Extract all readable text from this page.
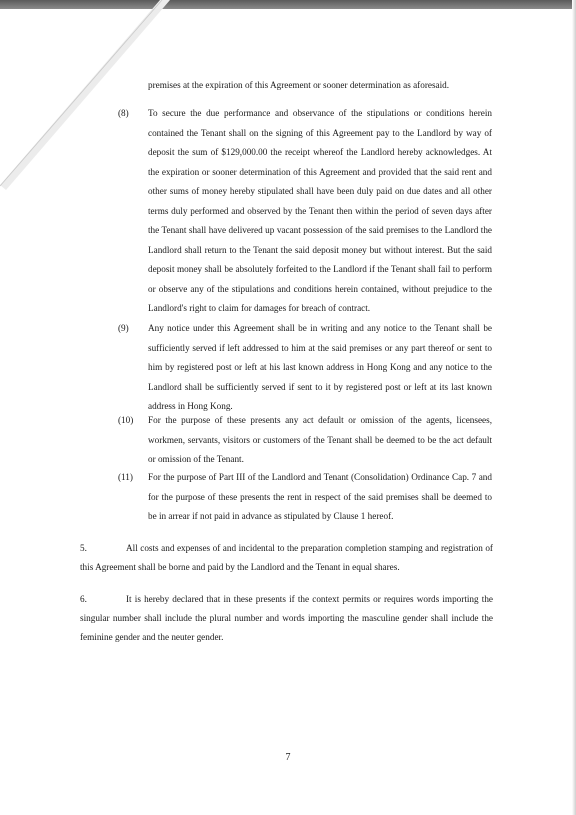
premises at the expiration of this Agreement or sooner determination as aforesaid.
(8) To secure the due performance and observance of the stipulations or conditions herein contained the Tenant shall on the signing of this Agreement pay to the Landlord by way of deposit the sum of $129,000.00 the receipt whereof the Landlord hereby acknowledges. At the expiration or sooner determination of this Agreement and provided that the said rent and other sums of money hereby stipulated shall have been duly paid on due dates and all other terms duly performed and observed by the Tenant then within the period of seven days after the Tenant shall have delivered up vacant possession of the said premises to the Landlord the Landlord shall return to the Tenant the said deposit money but without interest. But the said deposit money shall be absolutely forfeited to the Landlord if the Tenant shall fail to perform or observe any of the stipulations and conditions herein contained, without prejudice to the Landlord's right to claim for damages for breach of contract.
(9) Any notice under this Agreement shall be in writing and any notice to the Tenant shall be sufficiently served if left addressed to him at the said premises or any part thereof or sent to him by registered post or left at his last known address in Hong Kong and any notice to the Landlord shall be sufficiently served if sent to it by registered post or left at its last known address in Hong Kong.
(10) For the purpose of these presents any act default or omission of the agents, licensees, workmen, servants, visitors or customers of the Tenant shall be deemed to be the act default or omission of the Tenant.
(11) For the purpose of Part III of the Landlord and Tenant (Consolidation) Ordinance Cap. 7 and for the purpose of these presents the rent in respect of the said premises shall be deemed to be in arrear if not paid in advance as stipulated by Clause 1 hereof.
5.	All costs and expenses of and incidental to the preparation completion stamping and registration of this Agreement shall be borne and paid by the Landlord and the Tenant in equal shares.
6.	It is hereby declared that in these presents if the context permits or requires words importing the singular number shall include the plural number and words importing the masculine gender shall include the feminine gender and the neuter gender.
7
